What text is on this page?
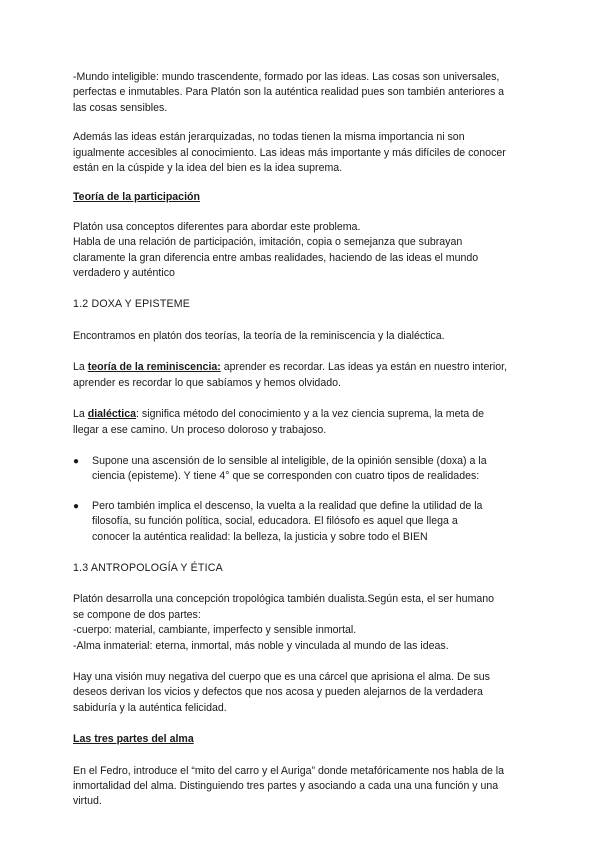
-Mundo inteligible: mundo trascendente, formado por las ideas. Las cosas son universales,
perfectas e inmutables. Para Platón son la auténtica realidad pues son también anteriores a
las cosas sensibles.

Además las ideas están jerarquizadas, no todas tienen la misma importancia ni son
igualmente accesibles al conocimiento. Las ideas más importante y más difíciles de conocer
están en la cúspide y la idea del bien es la idea suprema.

Teoría de la participación

Platón usa conceptos diferentes para abordar este problema.
Habla de una relación de participación, imitación, copia o semejanza que subrayan
claramente la gran diferencia entre ambas realidades, haciendo de las ideas el mundo
verdadero y auténtico

1.2 DOXA Y EPISTEME

Encontramos en platón dos teorías, la teoría de la reminiscencia y la dialéctica.

La teoría de la reminiscencia: aprender es recordar. Las ideas ya están en nuestro interior,
aprender es recordar lo que sabíamos y hemos olvidado.

La dialéctica: significa método del conocimiento y a la vez ciencia suprema, la meta de
llegar a ese camino. Un proceso doloroso y trabajoso.

● Supone una ascensión de lo sensible al inteligible, de la opinión sensible (doxa) a la
ciencia (episteme). Y tiene 4° que se corresponden con cuatro tipos de realidades:
● Pero también implica el descenso, la vuelta a la realidad que define la utilidad de la
filosofía, su función política, social, educadora. El filósofo es aquel que llega a
conocer la auténtica realidad: la belleza, la justicia y sobre todo el BIEN

1.3 ANTROPOLOGÍA Y ÉTICA

Platón desarrolla una concepción tropológica también dualista.Según esta, el ser humano
se compone de dos partes:
-cuerpo: material, cambiante, imperfecto y sensible inmortal.
-Alma inmaterial: eterna, inmortal, más noble y vinculada al mundo de las ideas.

Hay una visión muy negativa del cuerpo que es una cárcel que aprisiona el alma. De sus
deseos derivan los vicios y defectos que nos acosa y pueden alejarnos de la verdadera
sabiduría y la auténtica felicidad.

Las tres partes del alma

En el Fedro, introduce el “mito del carro y el Auriga” donde metafóricamente nos habla de la
inmortalidad del alma. Distinguiendo tres partes y asociando a cada una una función y una
virtud.
